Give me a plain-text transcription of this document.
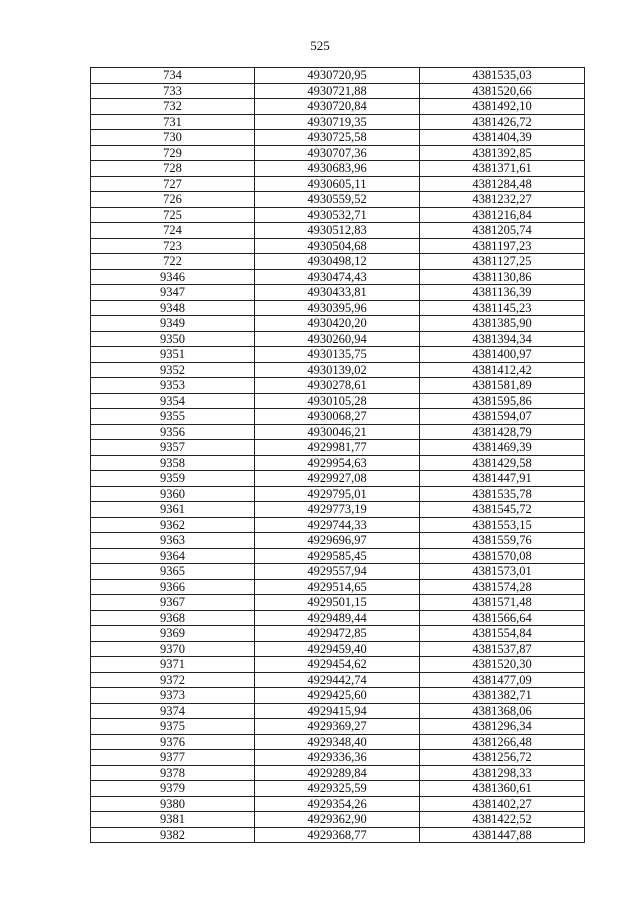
525
734	4930720,95	4381535,03
733	4930721,88	4381520,66
732	4930720,84	4381492,10
731	4930719,35	4381426,72
730	4930725,58	4381404,39
729	4930707,36	4381392,85
728	4930683,96	4381371,61
727	4930605,11	4381284,48
726	4930559,52	4381232,27
725	4930532,71	4381216,84
724	4930512,83	4381205,74
723	4930504,68	4381197,23
722	4930498,12	4381127,25
9346	4930474,43	4381130,86
9347	4930433,81	4381136,39
9348	4930395,96	4381145,23
9349	4930420,20	4381385,90
9350	4930260,94	4381394,34
9351	4930135,75	4381400,97
9352	4930139,02	4381412,42
9353	4930278,61	4381581,89
9354	4930105,28	4381595,86
9355	4930068,27	4381594,07
9356	4930046,21	4381428,79
9357	4929981,77	4381469,39
9358	4929954,63	4381429,58
9359	4929927,08	4381447,91
9360	4929795,01	4381535,78
9361	4929773,19	4381545,72
9362	4929744,33	4381553,15
9363	4929696,97	4381559,76
9364	4929585,45	4381570,08
9365	4929557,94	4381573,01
9366	4929514,65	4381574,28
9367	4929501,15	4381571,48
9368	4929489,44	4381566,64
9369	4929472,85	4381554,84
9370	4929459,40	4381537,87
9371	4929454,62	4381520,30
9372	4929442,74	4381477,09
9373	4929425,60	4381382,71
9374	4929415,94	4381368,06
9375	4929369,27	4381296,34
9376	4929348,40	4381266,48
9377	4929336,36	4381256,72
9378	4929289,84	4381298,33
9379	4929325,59	4381360,61
9380	4929354,26	4381402,27
9381	4929362,90	4381422,52
9382	4929368,77	4381447,88
